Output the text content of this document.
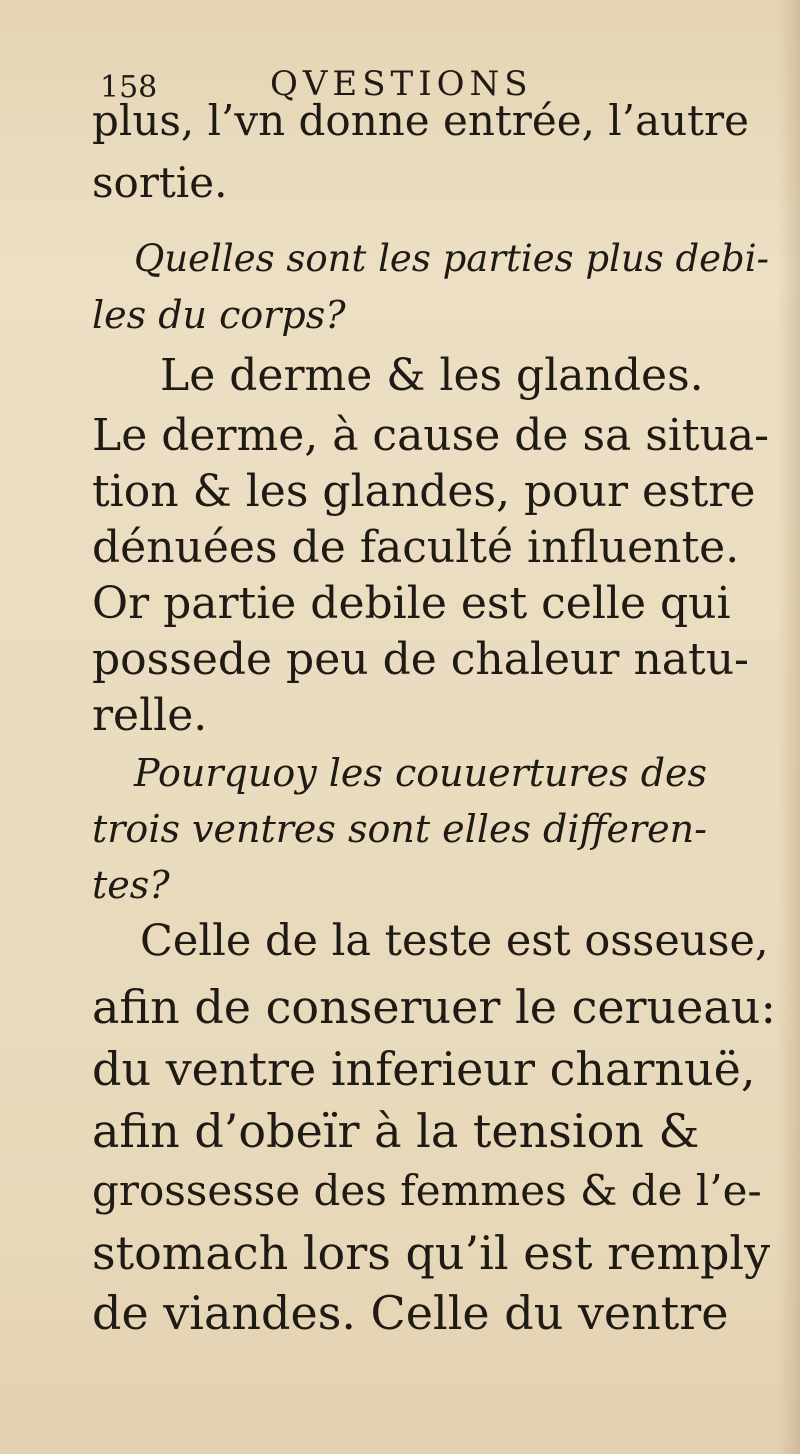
158	QVESTIONS
plus, l’vn donne entrée, l’autre
sortie.
Quelles sont les parties plus debi-
les du corps?
Le derme & les glandes.
Le derme, à cause de sa situa-
tion & les glandes, pour estre
dénuées de faculté influente.
Or partie debile est celle qui
possede peu de chaleur natu-
relle.
Pourquoy les couuertures des
trois ventres sont elles differen-
tes?
Celle de la teste est osseuse,
afin de conseruer le cerueau:
du ventre inferieur charnuë,
afin d’obeïr à la tension &
grossesse des femmes & de l’e-
stomach lors qu’il est remply
de viandes. Celle du ventre
